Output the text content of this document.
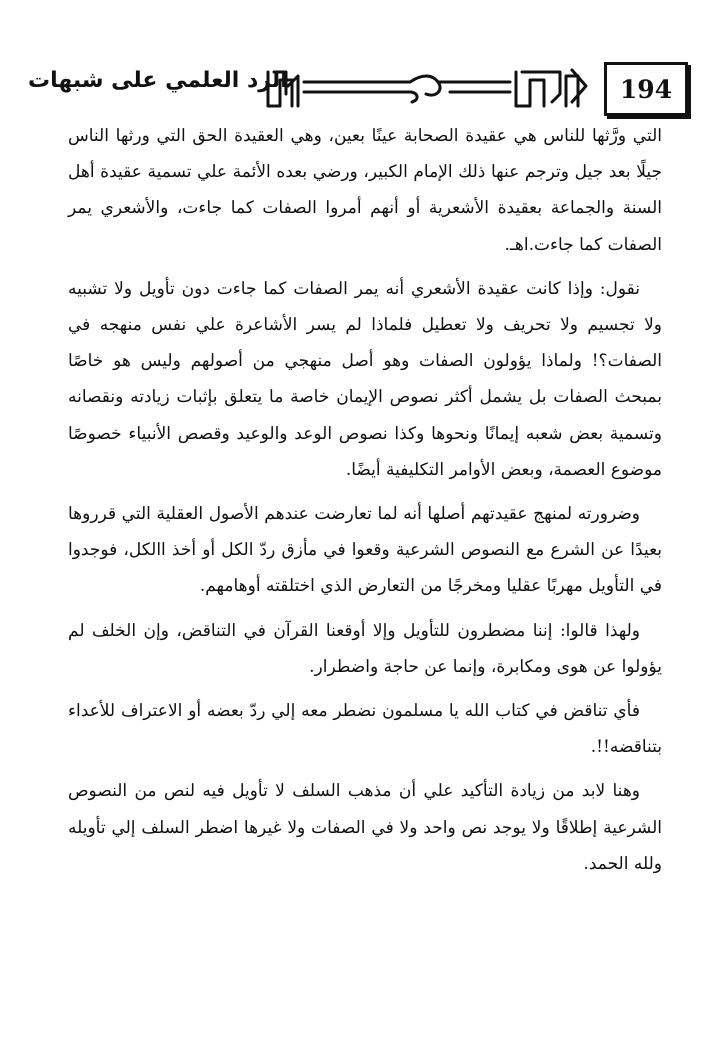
الرد العلمي على شبهات	194

التي ورَّثها للناس هي عقيدة الصحابة عينًا بعين، وهي العقيدة الحق التي ورثها الناس جيلًا بعد جيل وترجم عنها ذلك الإمام الكبير، ورضي بعده الأئمة علي تسمية عقيدة أهل السنة والجماعة بعقيدة الأشعرية أو أنهم أمروا الصفات كما جاءت، والأشعري يمر الصفات كما جاءت.اهـ.

نقول: وإذا كانت عقيدة الأشعري أنه يمر الصفات كما جاءت دون تأويل ولا تشبيه ولا تجسيم ولا تحريف ولا تعطيل فلماذا لم يسر الأشاعرة علي نفس منهجه في الصفات؟! ولماذا يؤولون الصفات وهو أصل منهجي من أصولهم وليس هو خاصًا بمبحث الصفات بل يشمل أكثر نصوص الإيمان خاصة ما يتعلق بإثبات زيادته ونقصانه وتسمية بعض شعبه إيمانًا ونحوها وكذا نصوص الوعد والوعيد وقصص الأنبياء خصوصًا موضوع العصمة، وبعض الأوامر التكليفية أيضًا.

وضرورته لمنهج عقيدتهم أصلها أنه لما تعارضت عندهم الأصول العقلية التي قرروها بعيدًا عن الشرع مع النصوص الشرعية وقعوا في مأزق ردّ الكل أو أخذ االكل، فوجدوا في التأويل مهربًا عقليا ومخرجًا من التعارض الذي اختلقته أوهامهم.

ولهذا قالوا: إننا مضطرون للتأويل وإلا أوقعنا القرآن في التناقض، وإن الخلف لم يؤولوا عن هوى ومكابرة، وإنما عن حاجة واضطرار.

فأي تناقض في كتاب الله يا مسلمون نضطر معه إلي ردّ بعضه أو الاعتراف للأعداء بتناقضه!!.

وهنا لابد من زيادة التأكيد علي أن مذهب السلف لا تأويل فيه لنص من النصوص الشرعية إطلاقًا ولا يوجد نص واحد ولا في الصفات ولا غيرها اضطر السلف إلي تأويله ولله الحمد.
